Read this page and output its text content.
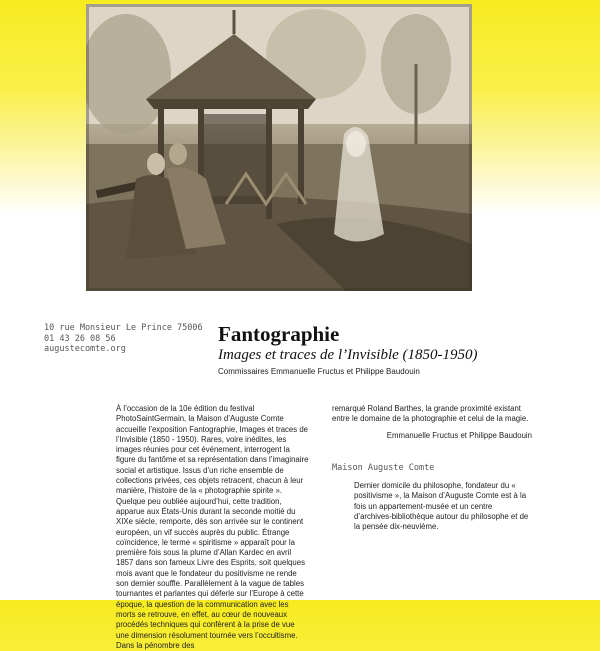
10 rue Monsieur Le Prince 75006
01 43 26 08 56
augustecomte.org
Fantographie
Images et traces de l’Invisible (1850-1950)
Commissaires Emmanuelle Fructus et Philippe Baudouin

À l’occasion de la 10e édition du festival PhotoSaintGermain, la Maison d’Auguste Comte accueille l’exposition Fantographie, Images et traces de l’Invisible (1850 - 1950). Rares, voire inédites, les images réunies pour cet événement, interrogent la figure du fantôme et sa représentation dans l’imaginaire social et artistique. Issus d’un riche ensemble de collections privées, ces objets retracent, chacun à leur manière, l’histoire de la « photographie spirite ». Quelque peu oubliée aujourd’hui, cette tradition, apparue aux États-Unis durant la seconde moitié du XIXe siècle, remporte, dès son arrivée sur le continent européen, un vif succès auprès du public. Étrange coïncidence, le terme « spiritisme » apparaît pour la première fois sous la plume d’Allan Kardec en avril 1857 dans son fameux Livre des Esprits, soit quelques mois avant que le fondateur du positivisme ne rende son dernier souffle. Parallèlement à la vague de tables tournantes et parlantes qui déferle sur l’Europe à cette époque, la question de la communication avec les morts se retrouve, en effet, au cœur de nouveaux procédés techniques qui confèrent à la prise de vue une dimension résolument tournée vers l’occultisme. Dans la pénombre des

remarqué Roland Barthes, la grande proximité existant entre le domaine de la photographie et celui de la magie.

Emmanuelle Fructus et Philippe Baudouin
Maison Auguste Comte

Dernier domicile du philosophe, fondateur du « positivisme », la Maison d’Auguste Comte est à la fois un appartement-musée et un centre d’archives-bibliothèque autour du philosophe et de la pensée dix-neuvième.
